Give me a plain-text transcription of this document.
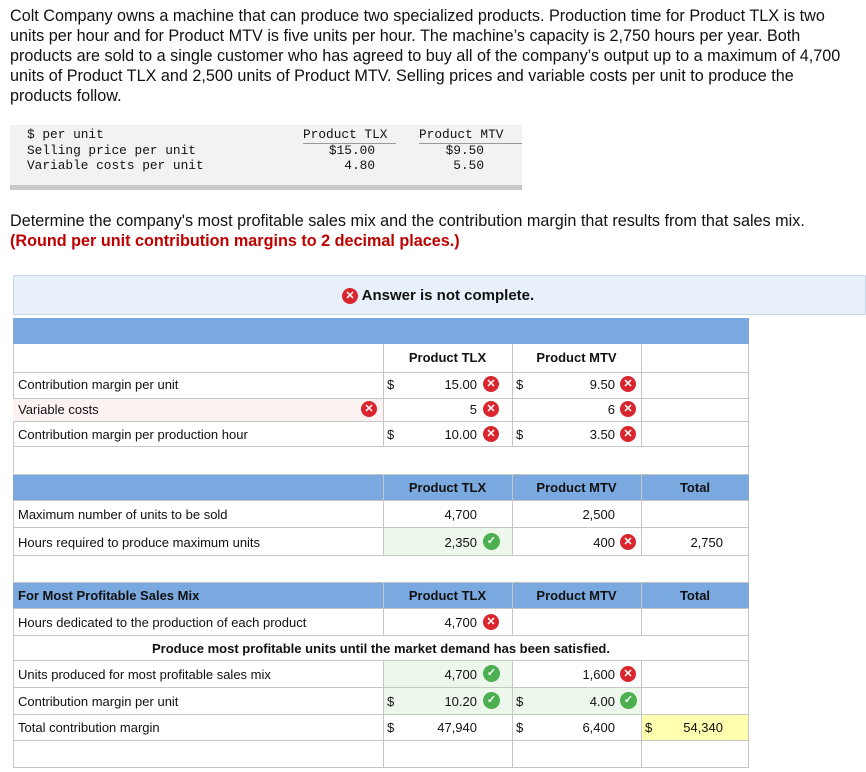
Colt Company owns a machine that can produce two specialized products. Production time for Product TLX is two units per hour and for Product MTV is five units per hour. The machine’s capacity is 2,750 hours per year. Both products are sold to a single customer who has agreed to buy all of the company’s output up to a maximum of 4,700 units of Product TLX and 2,500 units of Product MTV. Selling prices and variable costs per unit to produce the products follow.

$ per unit	Product TLX Product MTV
Selling price per unit	$15.00	$9.50
Variable costs per unit	4.80	5.50
Determine the company's most profitable sales mix and the contribution margin that results from that sales mix.
(Round per unit contribution margins to 2 decimal places.)
✕ Answer is not complete.
Product TLX	Product MTV
Contribution margin per unit	$	15.00 ✕ $	9.50 ✕
Variable costs	✕	5 ✕	6 ✕
Contribution margin per production hour	$	10.00 ✕ $	3.50 ✕
Product TLX	Product MTV	Total
Maximum number of units to be sold	4,700	2,500
Hours required to produce maximum units	2,350 ✓	400 ✕	2,750
For Most Profitable Sales Mix	Product TLX	Product MTV	Total
Hours dedicated to the production of each product	4,700 ✕
Produce most profitable units until the market demand has been satisfied.
Units produced for most profitable sales mix	4,700 ✓	1,600 ✕
Contribution margin per unit	$	10.20 ✓ $	4.00 ✓
Total contribution margin	$	47,940	$	6,400 $	54,340
